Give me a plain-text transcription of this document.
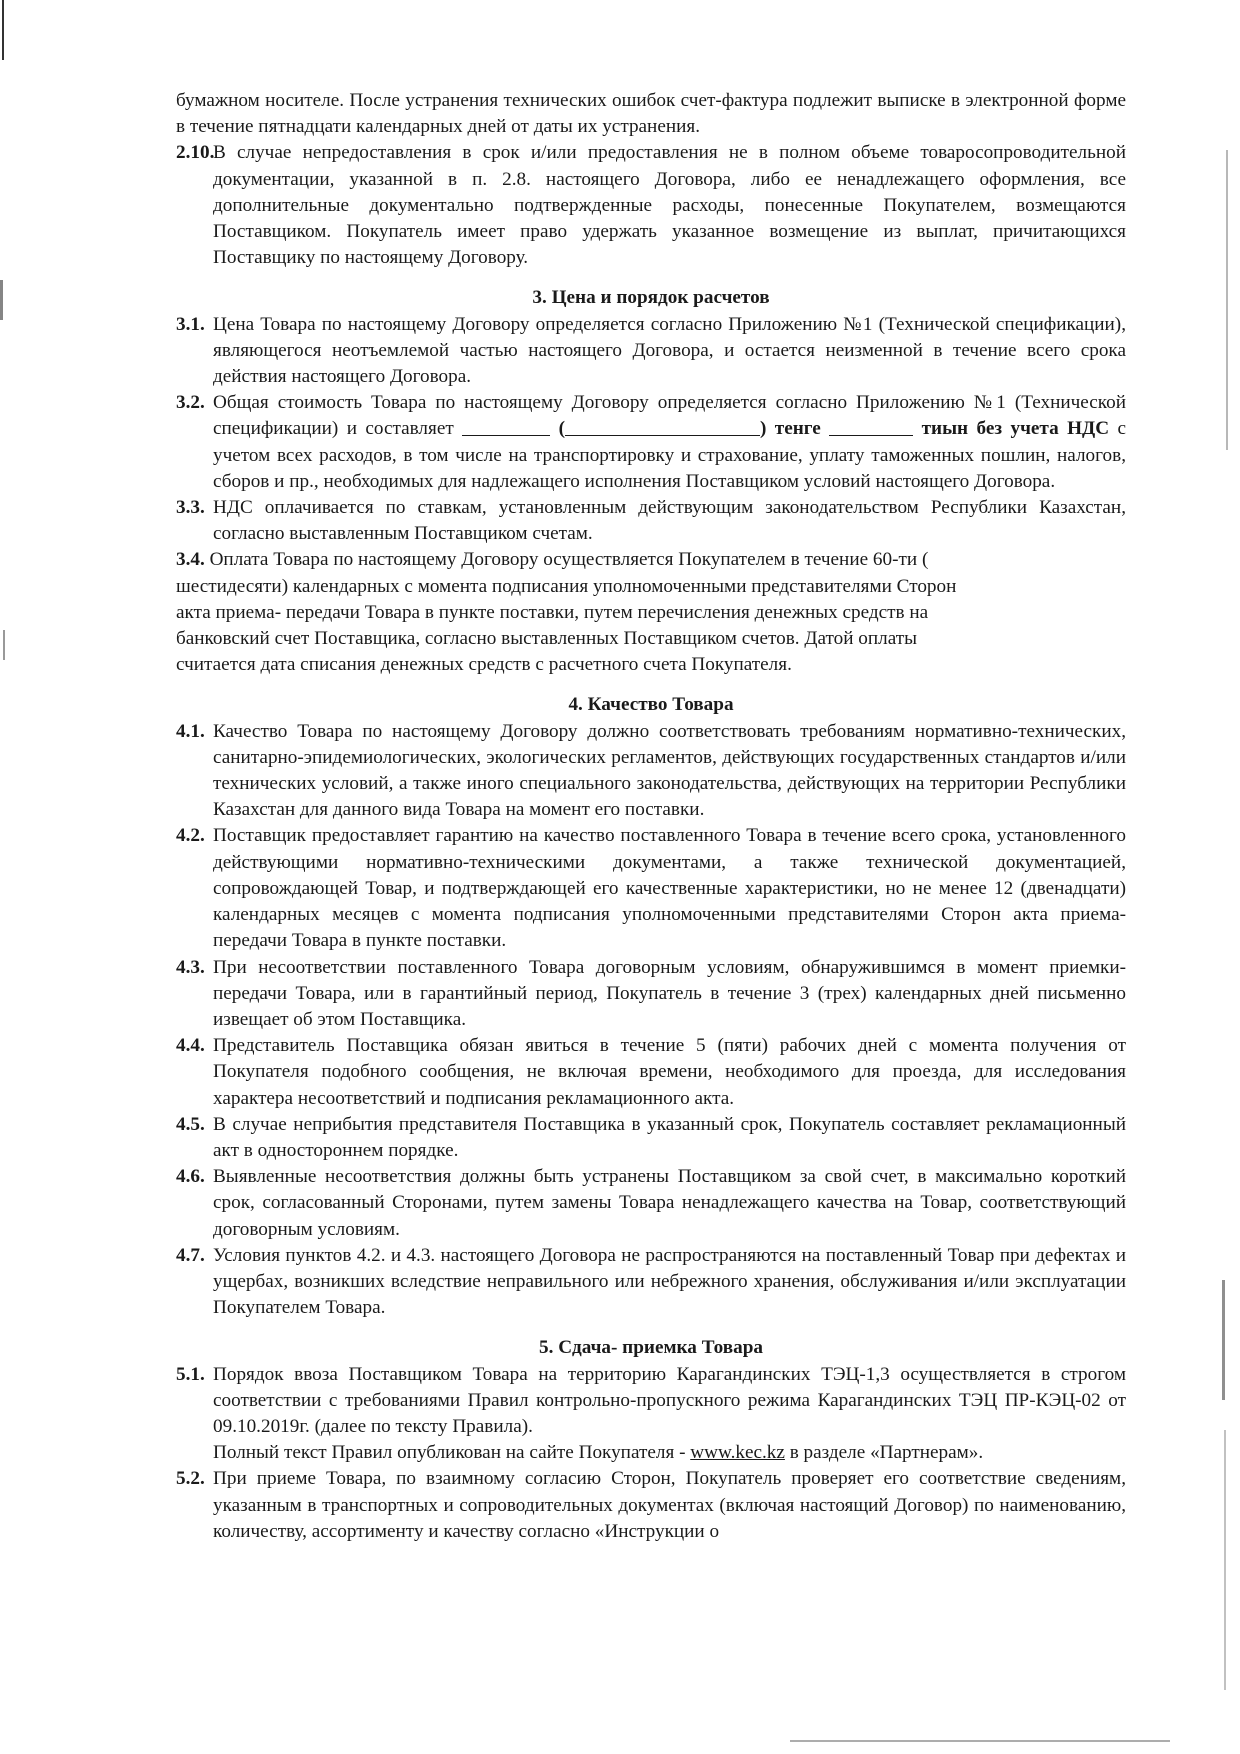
бумажном носителе. После устранения технических ошибок счет-фактура подлежит выписке в электронной форме в течение пятнадцати календарных дней от даты их устранения.

2.10.
В случае непредоставления в срок и/или предоставления не в полном объеме товаросопроводительной документации, указанной в п. 2.8. настоящего Договора, либо ее ненадлежащего оформления, все дополнительные документально подтвержденные расходы, понесенные Покупателем, возмещаются Поставщиком. Покупатель имеет право удержать указанное возмещение из выплат, причитающихся Поставщику по настоящему Договору.

3. Цена и порядок расчетов

3.1. Цена Товара по настоящему Договору определяется согласно Приложению №1 (Технической спецификации), являющегося неотъемлемой частью настоящего Договора, и остается неизменной в течение всего срока действия настоящего Договора.
3.2. Общая стоимость Товара по настоящему Договору определяется согласно Приложению №1 (Технической спецификации) и составляет	(	) тенге	тиын без учета НДС с учетом всех расходов, в том числе на транспортировку и страхование, уплату таможенных пошлин, налогов, сборов и пр., необходимых для надлежащего исполнения Поставщиком условий настоящего Договора.
3.3. НДС оплачивается по ставкам, установленным действующим законодательством Республики Казахстан, согласно выставленным Поставщиком счетам.

3.4. Оплата Товара по настоящему Договору осуществляется Покупателем в течение 60-ти (

шестидесяти) календарных с момента подписания уполномоченными представителями Сторон

акта приема- передачи Товара в пункте поставки, путем перечисления денежных средств на

банковский счет Поставщика, согласно выставленных Поставщиком счетов. Датой оплаты

считается дата списания денежных средств с расчетного счета Покупателя.

4. Качество Товара

4.1. Качество Товара по настоящему Договору должно соответствовать требованиям нормативно-технических, санитарно-эпидемиологических, экологических регламентов, действующих государственных стандартов и/или технических условий, а также иного специального законодательства, действующих на территории Республики Казахстан для данного вида Товара на момент его поставки.
4.2. Поставщик предоставляет гарантию на качество поставленного Товара в течение всего срока, установленного действующими нормативно-техническими документами, а также технической документацией, сопровождающей Товар, и подтверждающей его качественные характеристики, но не менее 12 (двенадцати) календарных месяцев с момента подписания уполномоченными представителями Сторон акта приема-передачи Товара в пункте поставки.
4.3. При несоответствии поставленного Товара договорным условиям, обнаружившимся в момент приемки-передачи Товара, или в гарантийный период, Покупатель в течение 3 (трех) календарных дней письменно извещает об этом Поставщика.
4.4. Представитель Поставщика обязан явиться в течение 5 (пяти) рабочих дней с момента получения от Покупателя подобного сообщения, не включая времени, необходимого для проезда, для исследования характера несоответствий и подписания рекламационного акта.
4.5. В случае неприбытия представителя Поставщика в указанный срок, Покупатель составляет рекламационный акт в одностороннем порядке.
4.6. Выявленные несоответствия должны быть устранены Поставщиком за свой счет, в максимально короткий срок, согласованный Сторонами, путем замены Товара ненадлежащего качества на Товар, соответствующий договорным условиям.
4.7. Условия пунктов 4.2. и 4.3. настоящего Договора не распространяются на поставленный Товар при дефектах и ущербах, возникших вследствие неправильного или небрежного хранения, обслуживания и/или эксплуатации Покупателем Товара.

5. Сдача- приемка Товара

5.1. Порядок ввоза Поставщиком Товара на территорию Карагандинских ТЭЦ-1,3 осуществляется в строгом соответствии с требованиями Правил контрольно-пропускного режима Карагандинских ТЭЦ ПР-КЭЦ-02 от 09.10.2019г. (далее по тексту Правила).
Полный текст Правил опубликован на сайте Покупателя - www.kec.kz в разделе «Партнерам».
5.2. При приеме Товара, по взаимному согласию Сторон, Покупатель проверяет его соответствие сведениям, указанным в транспортных и сопроводительных документах (включая настоящий Договор) по наименованию, количеству, ассортименту и качеству согласно «Инструкции о
